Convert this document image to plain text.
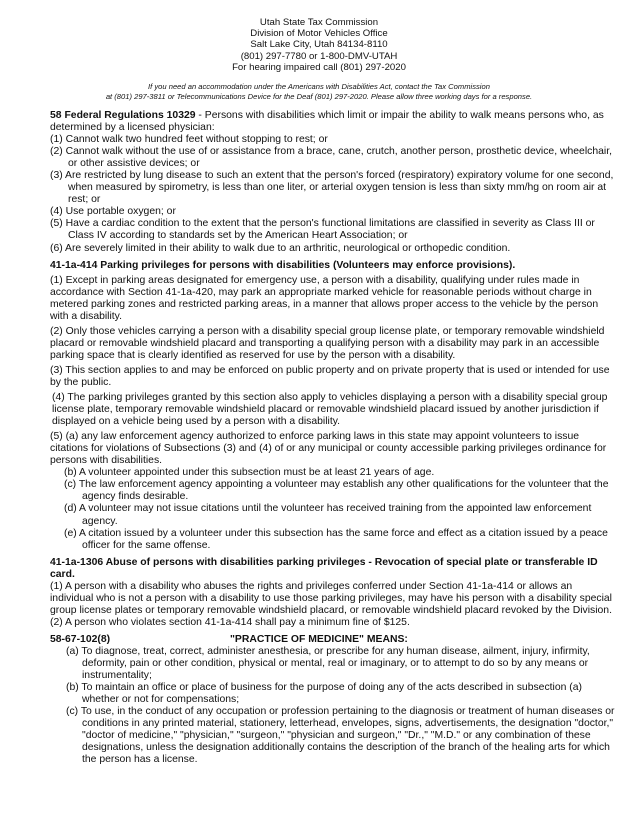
Utah State Tax Commission
Division of Motor Vehicles Office
Salt Lake City, Utah 84134-8110
(801) 297-7780 or 1-800-DMV-UTAH
For hearing impaired call (801) 297-2020
If you need an accommodation under the Americans with Disabilities Act, contact the Tax Commission
at (801) 297-3811 or Telecommunications Device for the Deaf (801) 297-2020. Please allow three working days for a response.
58 Federal Regulations 10329 - Persons with disabilities which limit or impair the ability to walk means persons who, as determined by a licensed physician:
(1) Cannot walk two hundred feet without stopping to rest; or
(2) Cannot walk without the use of or assistance from a brace, cane, crutch, another person, prosthetic device, wheelchair, or other assistive devices; or
(3) Are restricted by lung disease to such an extent that the person's forced (respiratory) expiratory volume for one second, when measured by spirometry, is less than one liter, or arterial oxygen tension is less than sixty mm/hg on room air at rest; or
(4) Use portable oxygen; or
(5) Have a cardiac condition to the extent that the person's functional limitations are classified in severity as Class III or Class IV according to standards set by the American Heart Association; or
(6) Are severely limited in their ability to walk due to an arthritic, neurological or orthopedic condition.
41-1a-414 Parking privileges for persons with disabilities (Volunteers may enforce provisions).
(1) Except in parking areas designated for emergency use, a person with a disability, qualifying under rules made in accordance with Section 41-1a-420, may park an appropriate marked vehicle for reasonable periods without charge in metered parking zones and restricted parking areas, in a manner that allows proper access to the vehicle by the person with a disability.
(2) Only those vehicles carrying a person with a disability special group license plate, or temporary removable windshield placard or removable windshield placard and transporting a qualifying person with a disability may park in an accessible parking space that is clearly identified as reserved for use by the person with a disability.
(3) This section applies to and may be enforced on public property and on private property that is used or intended for use by the public.
(4) The parking privileges granted by this section also apply to vehicles displaying a person with a disability special group license plate, temporary removable windshield placard or removable windshield placard issued by another jurisdiction if displayed on a vehicle being used by a person with a disability.
(5) (a) any law enforcement agency authorized to enforce parking laws in this state may appoint volunteers to issue citations for violations of Subsections (3) and (4) of or any municipal or county accessible parking privileges ordinance for persons with disabilities.
(b) A volunteer appointed under this subsection must be at least 21 years of age.
(c) The law enforcement agency appointing a volunteer may establish any other qualifications for the volunteer that the agency finds desirable.
(d) A volunteer may not issue citations until the volunteer has received training from the appointed law enforcement agency.
(e) A citation issued by a volunteer under this subsection has the same force and effect as a citation issued by a peace officer for the same offense.
41-1a-1306 Abuse of persons with disabilities parking privileges - Revocation of special plate or transferable ID card.
(1) A person with a disability who abuses the rights and privileges conferred under Section 41-1a-414 or allows an individual who is not a person with a disability to use those parking privileges, may have his person with a disability special group license plates or temporary removable windshield placard, or removable windshield placard revoked by the Division.
(2) A person who violates section 41-1a-414 shall pay a minimum fine of $125.
58-67-102(8)	"PRACTICE OF MEDICINE" MEANS:
(a) To diagnose, treat, correct, administer anesthesia, or prescribe for any human disease, ailment, injury, infirmity, deformity, pain or other condition, physical or mental, real or imaginary, or to attempt to do so by any means or instrumentality;
(b) To maintain an office or place of business for the purpose of doing any of the acts described in subsection (a) whether or not for compensations;
(c) To use, in the conduct of any occupation or profession pertaining to the diagnosis or treatment of human diseases or conditions in any printed material, stationery, letterhead, envelopes, signs, advertisements, the designation "doctor," "doctor of medicine," "physician," "surgeon," "physician and surgeon," "Dr.," "M.D." or any combination of these designations, unless the designation additionally contains the description of the branch of the healing arts for which the person has a license.
